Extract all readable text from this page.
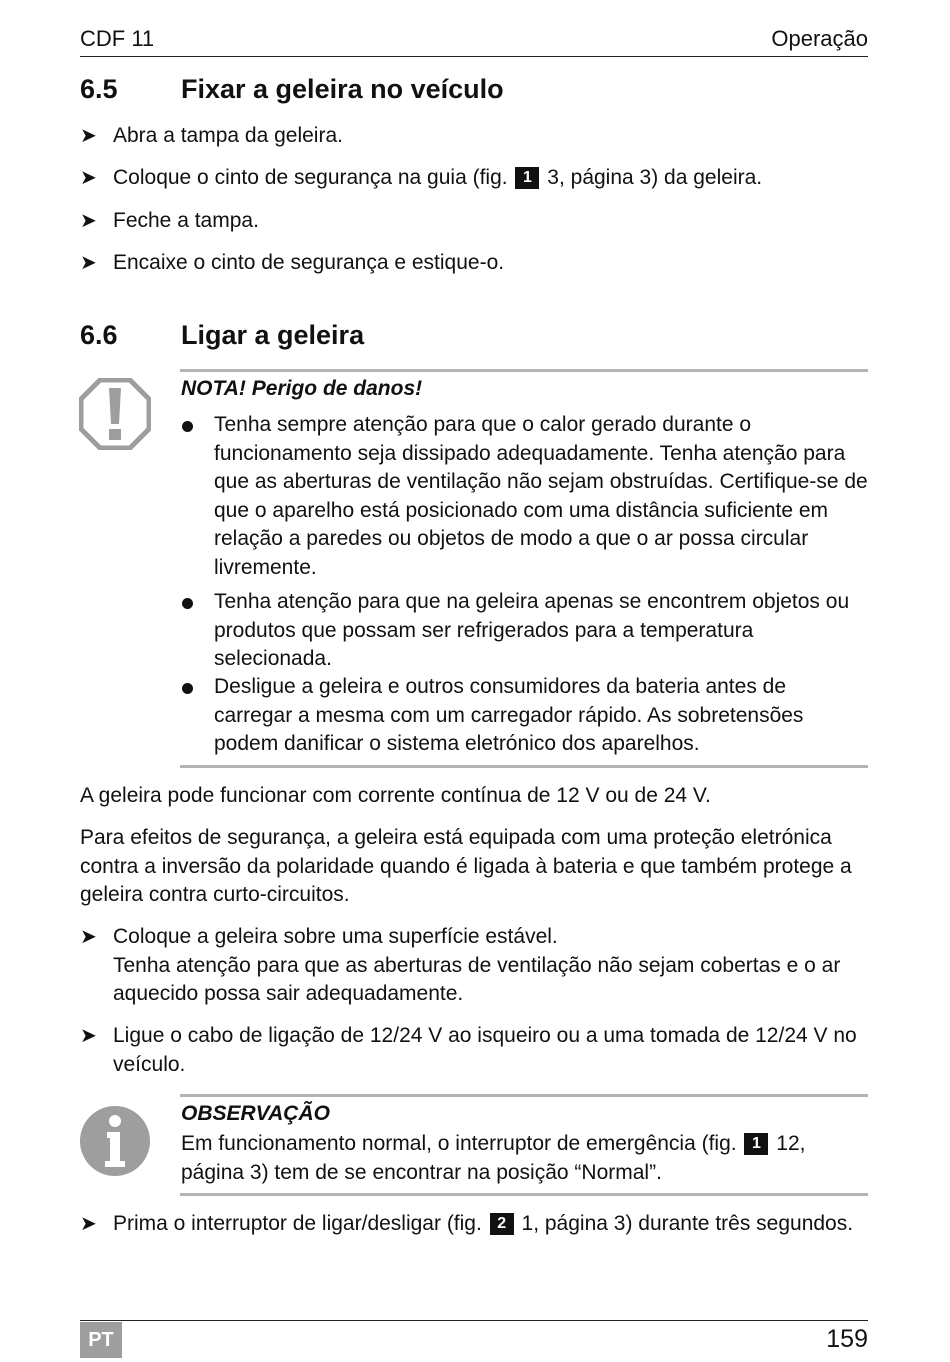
CDF 11	Operação
6.5 Fixar a geleira no veículo
➤ Abra a tampa da geleira.
➤ Coloque o cinto de segurança na guia (fig. 1 3, página 3) da geleira.
➤ Feche a tampa.
➤ Encaixe o cinto de segurança e estique-o.
6.6 Ligar a geleira
NOTA! Perigo de danos!
Tenha sempre atenção para que o calor gerado durante o funcionamento seja dissipado adequadamente. Tenha atenção para que as aberturas de ventilação não sejam obstruídas. Certifique-se de que o aparelho está posicionado com uma distância suficiente em relação a paredes ou objetos de modo a que o ar possa circular livremente.
Tenha atenção para que na geleira apenas se encontrem objetos ou produtos que possam ser refrigerados para a temperatura selecionada.
Desligue a geleira e outros consumidores da bateria antes de carregar a mesma com um carregador rápido. As sobretensões podem danificar o sistema eletrónico dos aparelhos.
A geleira pode funcionar com corrente contínua de 12 V ou de 24 V.
Para efeitos de segurança, a geleira está equipada com uma proteção eletrónica contra a inversão da polaridade quando é ligada à bateria e que também protege a geleira contra curto-circuitos.
➤ Coloque a geleira sobre uma superfície estável.
Tenha atenção para que as aberturas de ventilação não sejam cobertas e o ar aquecido possa sair adequadamente.
➤ Ligue o cabo de ligação de 12/24 V ao isqueiro ou a uma tomada de 12/24 V no veículo.
OBSERVAÇÃO
Em funcionamento normal, o interruptor de emergência (fig. 1 12, página 3) tem de se encontrar na posição “Normal”.
➤ Prima o interruptor de ligar/desligar (fig. 2 1, página 3) durante três segundos.
PT	159
